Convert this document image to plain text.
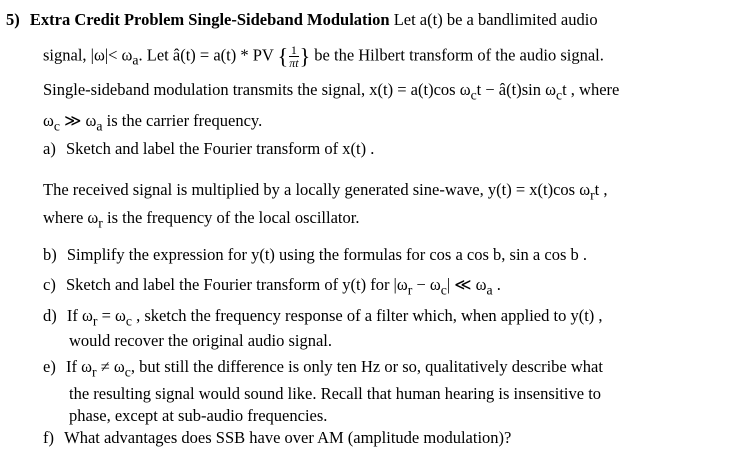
5) Extra Credit Problem Single-Sideband Modulation Let a(t) be a bandlimited audio
signal, $|\omega|< \omega_a$. Let â(t) = a(t) * PV { $\frac{1}{\pi t}$ } be the Hilbert transform of the audio signal.
Single-sideband modulation transmits the signal, x(t) = a(t)cos $\omega_ct$ − â(t)sin $\omega_ct$ , where
$\omega_c$ ≫ $\omega_a$ is the carrier frequency.
a) Sketch and label the Fourier transform of x(t) .
The received signal is multiplied by a locally generated sine-wave, y(t) = x(t)cos $\omega_rt$ ,
where $\omega_r$ is the frequency of the local oscillator.
b) Simplify the expression for y(t) using the formulas for cos a cos b, sin a cos b .
c) Sketch and label the Fourier transform of y(t) for $|\omega_r - \omega_c|$ ≪ $\omega_a$ .
d) If $\omega_r = \omega_c$ , sketch the frequency response of a filter which, when applied to y(t) ,
would recover the original audio signal.
e) If $\omega_r \ne \omega_c$, but still the difference is only ten Hz or so, qualitatively describe what
the resulting signal would sound like. Recall that human hearing is insensitive to
phase, except at sub-audio frequencies.
f) What advantages does SSB have over AM (amplitude modulation)?
